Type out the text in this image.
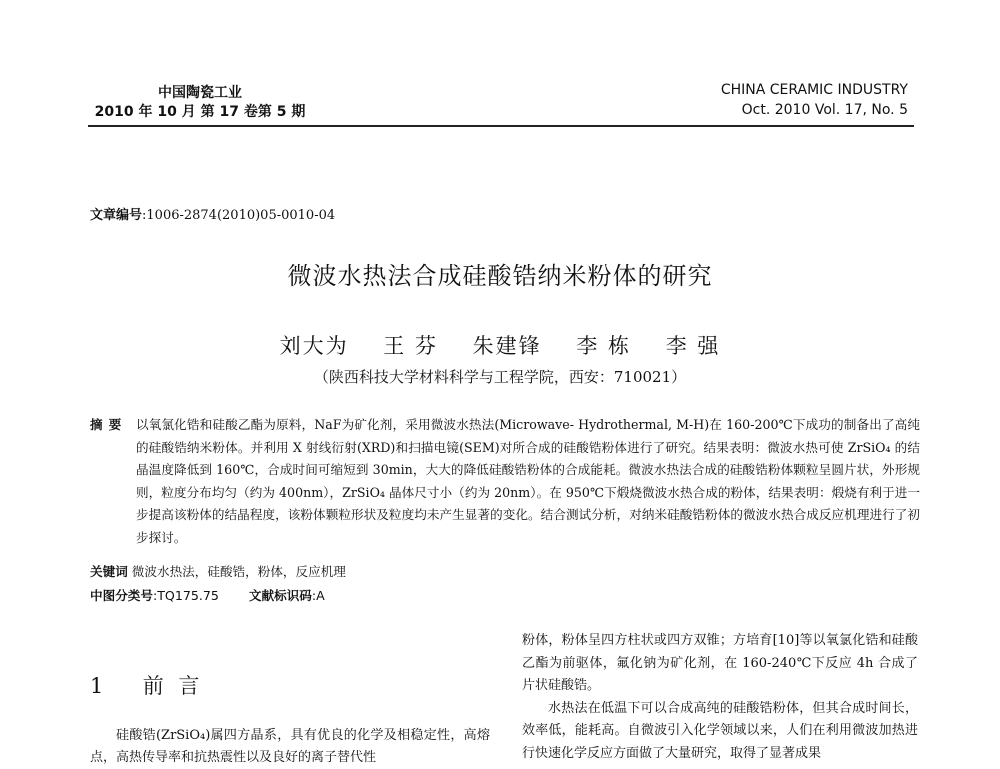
中国陶瓷工业
2010 年 10 月 第 17 卷第 5 期
CHINA CERAMIC INDUSTRY
Oct. 2010 Vol. 17, No. 5
文章编号:1006-2874(2010)05-0010-04
微波水热法合成硅酸锆纳米粉体的研究
刘大为 王 芬 朱建锋 李 栋 李 强
（陕西科技大学材料科学与工程学院，西安：710021）
摘要 以氧氯化锆和硅酸乙酯为原料，NaF为矿化剂，采用微波水热法(Microwave- Hydrothermal, M-H)在 160-200℃下成功的制备出了高纯的硅酸锆纳米粉体。并利用 X 射线衍射(XRD)和扫描电镜(SEM)对所合成的硅酸锆粉体进行了研究。结果表明：微波水热可使 ZrSiO₄ 的结晶温度降低到 160℃，合成时间可缩短到 30min，大大的降低硅酸锆粉体的合成能耗。微波水热法合成的硅酸锆粉体颗粒呈圆片状，外形规则，粒度分布均匀（约为 400nm），ZrSiO₄ 晶体尺寸小（约为 20nm）。在 950℃下煅烧微波水热合成的粉体，结果表明：煅烧有利于进一步提高该粉体的结晶程度，该粉体颗粒形状及粒度均未产生显著的变化。结合测试分析，对纳米硅酸锆粉体的微波水热合成反应机理进行了初步探讨。
关键词 微波水热法，硅酸锆，粉体，反应机理
中图分类号:TQ175.75 文献标识码:A
1 前 言
硅酸锆(ZrSiO₄)属四方晶系，具有优良的化学及相稳定性，高熔点，高热传导率和抗热震性以及良好的离子替代性

粉体，粉体呈四方柱状或四方双锥；方培育[10]等以氧氯化锆和硅酸乙酯为前驱体，氟化钠为矿化剂，在 160-240℃下反应 4h 合成了片状硅酸锆。

水热法在低温下可以合成高纯的硅酸锆粉体，但其合成时间长，效率低，能耗高。自微波引入化学领域以来，人们在利用微波加热进行快速化学反应方面做了大量研究，取得了显著成果
